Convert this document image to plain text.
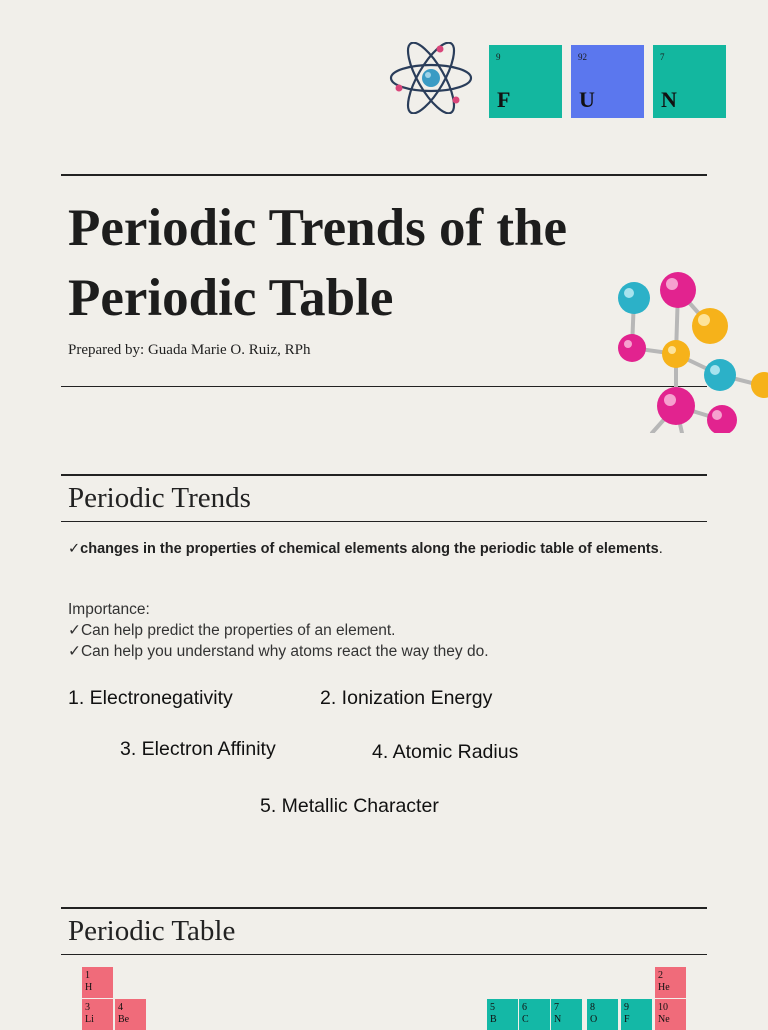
9
F
92
U
7
N
Periodic Trends of the Periodic Table
Prepared by: Guada Marie O. Ruiz, RPh
Periodic Trends
✓changes in the properties of chemical elements along the periodic table of elements.
Importance:
✓Can help predict the properties of an element.
✓Can help you understand why atoms react the way they do.
1. Electronegativity	2. Ionization Energy
3. Electron Affinity	4. Atomic Radius
5. Metallic Character
Periodic Table
1
H
2
He
3
Li
4
Be
5
B
6
C
7
N
8
O
9
F
10
Ne
